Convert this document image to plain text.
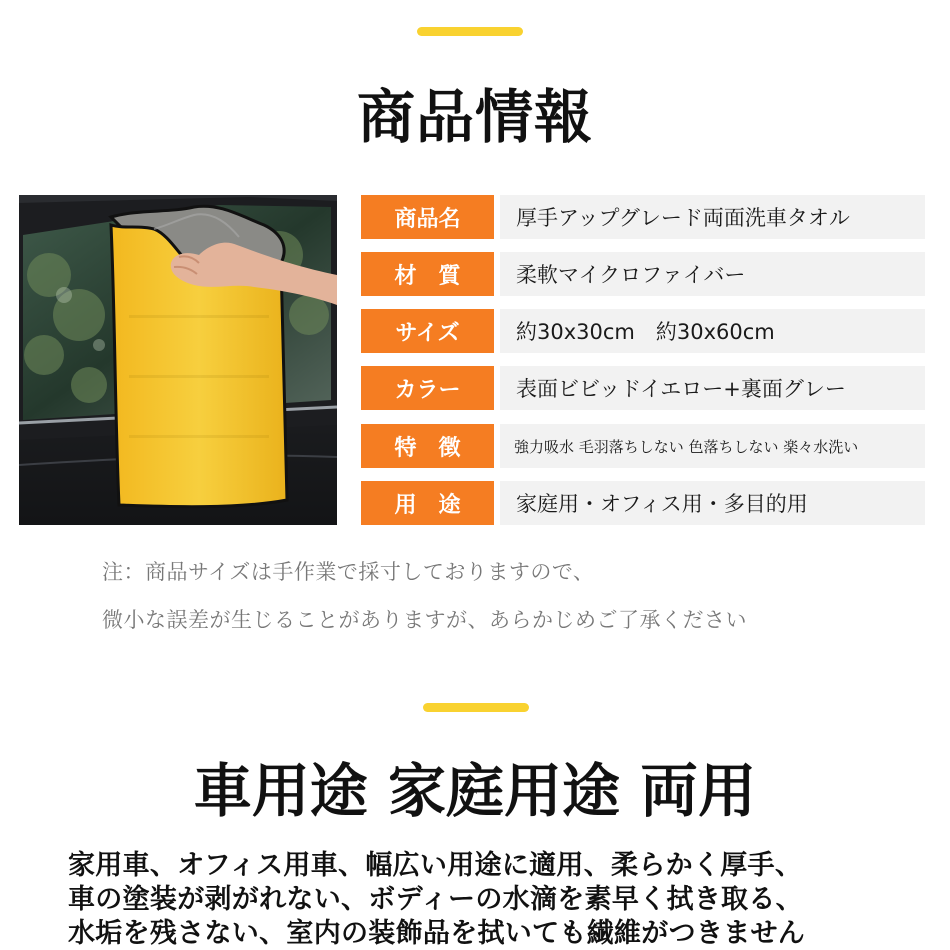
商品情報
商品名	厚手アップグレード両面洗車タオル
材　質	柔軟マイクロファイバー
サイズ	約30x30cm　約30x60cm
カラー	表面ビビッドイエロー+裏面グレー
特　徴	強力吸水 毛羽落ちしない 色落ちしない 楽々水洗い
用　途	家庭用・オフィス用・多目的用
注：商品サイズは手作業で採寸しておりますので、
微小な誤差が生じることがありますが、あらかじめご了承ください
車用途 家庭用途 両用
家用車、オフィス用車、幅広い用途に適用、柔らかく厚手、
車の塗装が剥がれない、ボディーの水滴を素早く拭き取る、
水垢を残さない、室内の装飾品を拭いても繊維がつきません
